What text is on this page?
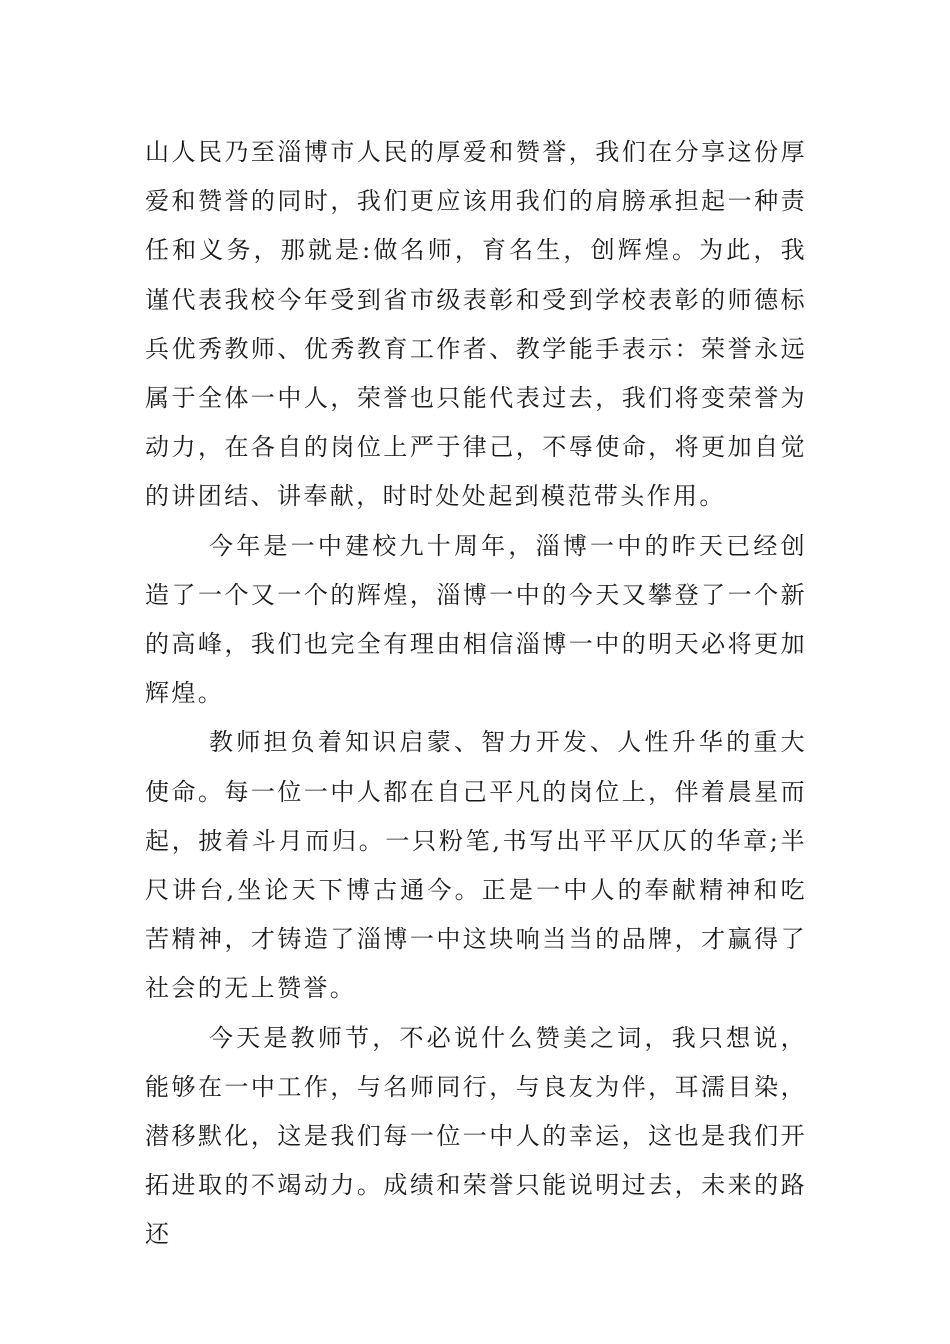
山人民乃至淄博市人民的厚爱和赞誉，我们在分享这份厚爱和赞誉的同时，我们更应该用我们的肩膀承担起一种责任和义务，那就是:做名师，育名生，创辉煌。为此，我谨代表我校今年受到省市级表彰和受到学校表彰的师德标兵优秀教师、优秀教育工作者、教学能手表示：荣誉永远属于全体一中人，荣誉也只能代表过去，我们将变荣誉为动力，在各自的岗位上严于律己，不辱使命，将更加自觉的讲团结、讲奉献，时时处处起到模范带头作用。

今年是一中建校九十周年，淄博一中的昨天已经创造了一个又一个的辉煌，淄博一中的今天又攀登了一个新的高峰，我们也完全有理由相信淄博一中的明天必将更加辉煌。

教师担负着知识启蒙、智力开发、人性升华的重大使命。每一位一中人都在自己平凡的岗位上，伴着晨星而起，披着斗月而归。一只粉笔,书写出平平仄仄的华章;半尺讲台,坐论天下博古通今。正是一中人的奉献精神和吃苦精神，才铸造了淄博一中这块响当当的品牌，才赢得了社会的无上赞誉。

今天是教师节，不必说什么赞美之词，我只想说，能够在一中工作，与名师同行，与良友为伴，耳濡目染，潜移默化，这是我们每一位一中人的幸运，这也是我们开拓进取的不竭动力。成绩和荣誉只能说明过去，未来的路还
